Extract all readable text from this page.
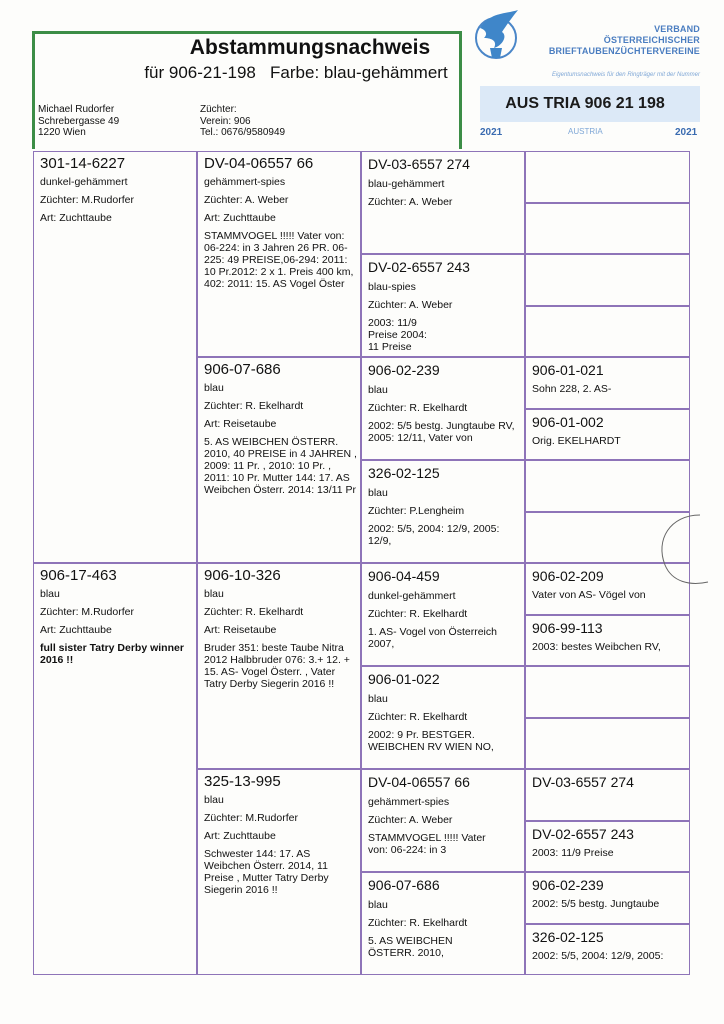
Abstammungsnachweis
für 906-21-198 Farbe: blau-gehämmert
Michael Rudorfer
Schrebergasse 49
1220 Wien
Züchter:
Verein: 906
Tel.: 0676/9580949
VERBAND
ÖSTERREICHISCHER
BRIEFTAUBENZÜCHTERVEREINE
Eigentumsnachweis für den Ringträger mit der Nummer
AUS TRIA 906 21 198
2021	AUSTRIA	2021
301-14-6227
dunkel-gehämmert
Züchter: M.Rudorfer
Art: Zuchttaube
906-17-463
blau
Züchter: M.Rudorfer
Art: Zuchttaube
full sister Tatry Derby winner 2016 !!
DV-04-06557 66
gehämmert-spies
Züchter: A. Weber
Art: Zuchttaube
STAMMVOGEL !!!!! Vater von: 06-224: in 3 Jahren 26 PR. 06-225: 49 PREISE,06-294: 2011: 10 Pr.2012: 2 x 1. Preis 400 km, 402: 2011: 15. AS Vogel Öster
906-07-686
blau
Züchter: R. Ekelhardt
Art: Reisetaube
5. AS WEIBCHEN ÖSTERR. 2010, 40 PREISE in 4 JAHREN , 2009: 11 Pr. , 2010: 10 Pr. , 2011: 10 Pr. Mutter 144: 17. AS Weibchen Österr. 2014: 13/11 Pr
906-10-326
blau
Züchter: R. Ekelhardt
Art: Reisetaube
Bruder 351: beste Taube Nitra 2012 Halbbruder 076: 3.+ 12. + 15. AS- Vogel Österr. , Vater Tatry Derby Siegerin 2016 !!
325-13-995
blau
Züchter: M.Rudorfer
Art: Zuchttaube
Schwester 144: 17. AS Weibchen Österr. 2014, 11 Preise , Mutter Tatry Derby Siegerin 2016 !!
DV-03-6557 274
blau-gehämmert
Züchter: A. Weber
DV-02-6557 243
blau-spies
Züchter: A. Weber
2003: 11/9 Preise 2004: 11 Preise
906-02-239
blau
Züchter: R. Ekelhardt
2002: 5/5 bestg. Jungtaube RV, 2005: 12/11, Vater von
326-02-125
blau
Züchter: P.Lengheim
2002: 5/5, 2004: 12/9, 2005: 12/9,
906-04-459
dunkel-gehämmert
Züchter: R. Ekelhardt
1. AS- Vogel von Österreich 2007,
906-01-022
blau
Züchter: R. Ekelhardt
2002: 9 Pr. BESTGER. WEIBCHEN RV WIEN NO,
DV-04-06557 66
gehämmert-spies
Züchter: A. Weber
STAMMVOGEL !!!!! Vater von: 06-224: in 3
906-07-686
blau
Züchter: R. Ekelhardt
5. AS WEIBCHEN ÖSTERR. 2010,
906-01-021
Sohn 228, 2. AS-
906-01-002
Orig. EKELHARDT
906-02-209
Vater von AS- Vögel von
906-99-113
2003: bestes Weibchen RV,
DV-03-6557 274
DV-02-6557 243
2003: 11/9 Preise
906-02-239
2002: 5/5 bestg. Jungtaube
326-02-125
2002: 5/5, 2004: 12/9, 2005:
